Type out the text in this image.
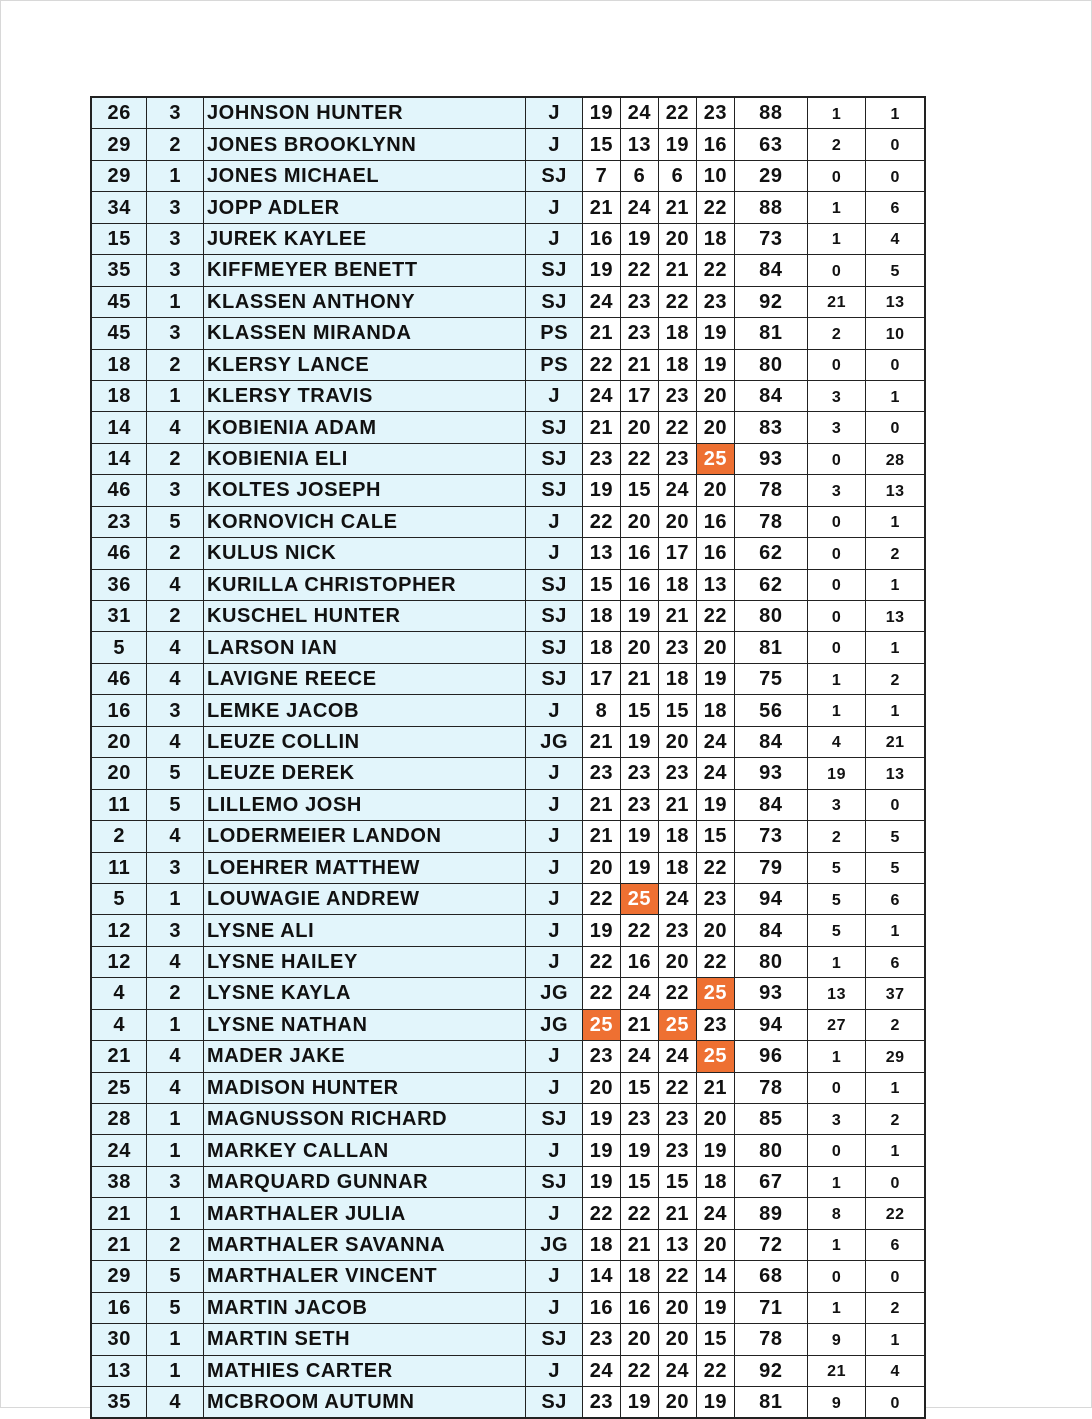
26	3	JOHNSON HUNTER	J	19	24	22	23	88	1	1
29	2	JONES BROOKLYNN	J	15	13	19	16	63	2	0
29	1	JONES MICHAEL	SJ	7	6	6	10	29	0	0
34	3	JOPP ADLER	J	21	24	21	22	88	1	6
15	3	JUREK KAYLEE	J	16	19	20	18	73	1	4
35	3	KIFFMEYER BENETT	SJ	19	22	21	22	84	0	5
45	1	KLASSEN ANTHONY	SJ	24	23	22	23	92	21	13
45	3	KLASSEN MIRANDA	PS	21	23	18	19	81	2	10
18	2	KLERSY LANCE	PS	22	21	18	19	80	0	0
18	1	KLERSY TRAVIS	J	24	17	23	20	84	3	1
14	4	KOBIENIA ADAM	SJ	21	20	22	20	83	3	0
14	2	KOBIENIA ELI	SJ	23	22	23	25	93	0	28
46	3	KOLTES JOSEPH	SJ	19	15	24	20	78	3	13
23	5	KORNOVICH CALE	J	22	20	20	16	78	0	1
46	2	KULUS NICK	J	13	16	17	16	62	0	2
36	4	KURILLA CHRISTOPHER	SJ	15	16	18	13	62	0	1
31	2	KUSCHEL HUNTER	SJ	18	19	21	22	80	0	13
5	4	LARSON IAN	SJ	18	20	23	20	81	0	1
46	4	LAVIGNE REECE	SJ	17	21	18	19	75	1	2
16	3	LEMKE JACOB	J	8	15	15	18	56	1	1
20	4	LEUZE COLLIN	JG	21	19	20	24	84	4	21
20	5	LEUZE DEREK	J	23	23	23	24	93	19	13
11	5	LILLEMO JOSH	J	21	23	21	19	84	3	0
2	4	LODERMEIER LANDON	J	21	19	18	15	73	2	5
11	3	LOEHRER MATTHEW	J	20	19	18	22	79	5	5
5	1	LOUWAGIE ANDREW	J	22	25	24	23	94	5	6
12	3	LYSNE ALI	J	19	22	23	20	84	5	1
12	4	LYSNE HAILEY	J	22	16	20	22	80	1	6
4	2	LYSNE KAYLA	JG	22	24	22	25	93	13	37
4	1	LYSNE NATHAN	JG	25	21	25	23	94	27	2
21	4	MADER JAKE	J	23	24	24	25	96	1	29
25	4	MADISON HUNTER	J	20	15	22	21	78	0	1
28	1	MAGNUSSON RICHARD	SJ	19	23	23	20	85	3	2
24	1	MARKEY CALLAN	J	19	19	23	19	80	0	1
38	3	MARQUARD GUNNAR	SJ	19	15	15	18	67	1	0
21	1	MARTHALER JULIA	J	22	22	21	24	89	8	22
21	2	MARTHALER SAVANNA	JG	18	21	13	20	72	1	6
29	5	MARTHALER VINCENT	J	14	18	22	14	68	0	0
16	5	MARTIN JACOB	J	16	16	20	19	71	1	2
30	1	MARTIN SETH	SJ	23	20	20	15	78	9	1
13	1	MATHIES CARTER	J	24	22	24	22	92	21	4
35	4	MCBROOM AUTUMN	SJ	23	19	20	19	81	9	0
